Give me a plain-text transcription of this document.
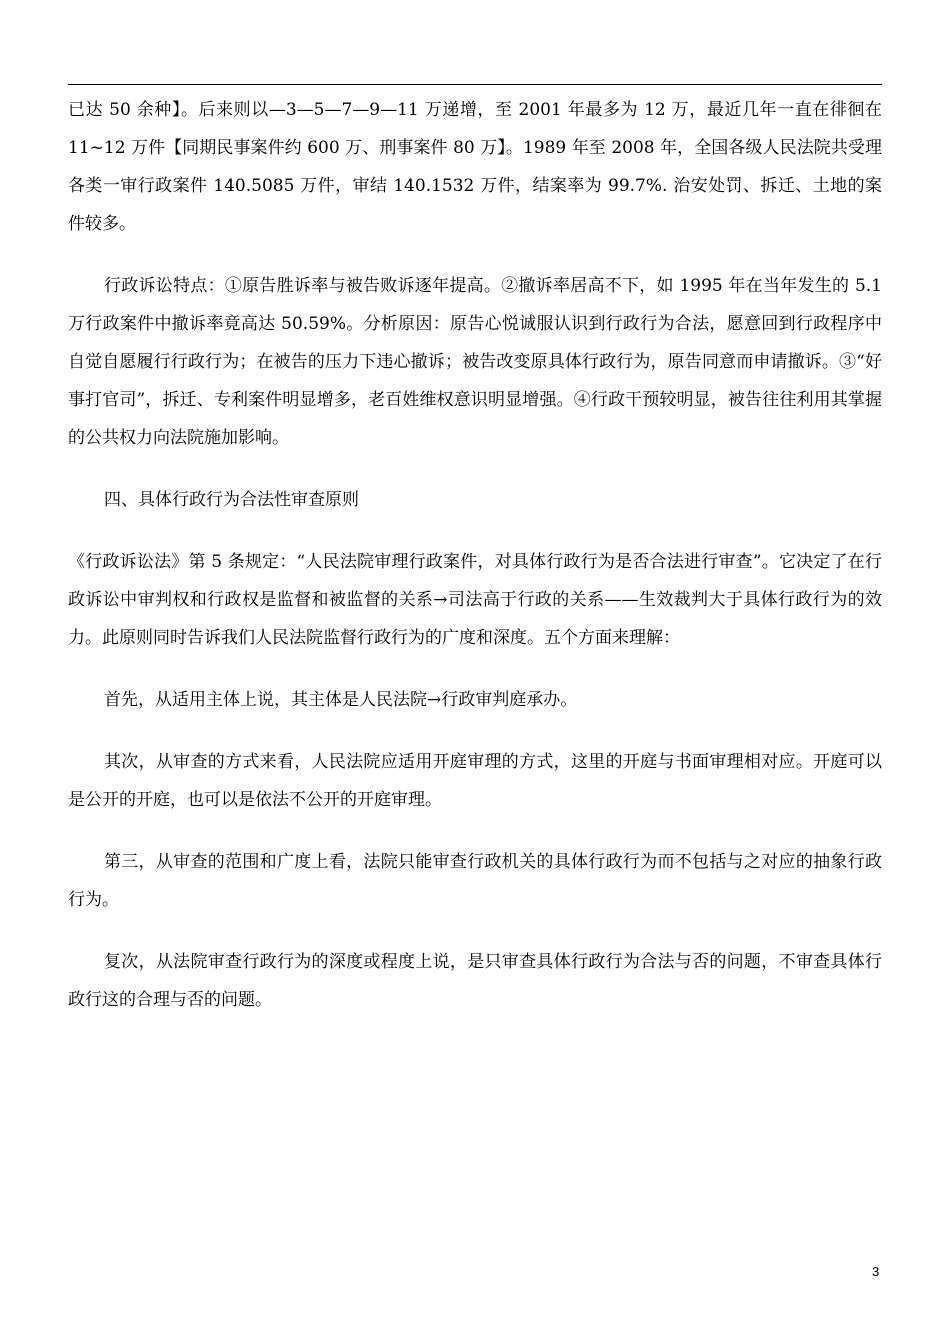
已达 50 余种】。后来则以—3—5—7—9—11 万递增，至 2001 年最多为 12 万，最近几年一直在徘徊在 11~12 万件【同期民事案件约 600 万、刑事案件 80 万】。1989 年至 2008 年，全国各级人民法院共受理各类一审行政案件 140.5085 万件，审结 140.1532 万件，结案率为 99.7%. 治安处罚、拆迁、土地的案件较多。

行政诉讼特点：①原告胜诉率与被告败诉逐年提高。②撤诉率居高不下，如 1995 年在当年发生的 5.1 万行政案件中撤诉率竟高达 50.59%。分析原因：原告心悦诚服认识到行政行为合法，愿意回到行政程序中自觉自愿履行行政行为；在被告的压力下违心撤诉；被告改变原具体行政行为，原告同意而申请撤诉。③“好事打官司”，拆迁、专利案件明显增多，老百姓维权意识明显增强。④行政干预较明显，被告往往利用其掌握的公共权力向法院施加影响。

四、具体行政行为合法性审查原则

《行政诉讼法》第 5 条规定：“人民法院审理行政案件，对具体行政行为是否合法进行审查”。它决定了在行政诉讼中审判权和行政权是监督和被监督的关系→司法高于行政的关系——生效裁判大于具体行政行为的效力。此原则同时告诉我们人民法院监督行政行为的广度和深度。五个方面来理解：

首先，从适用主体上说，其主体是人民法院→行政审判庭承办。

其次，从审查的方式来看，人民法院应适用开庭审理的方式，这里的开庭与书面审理相对应。开庭可以是公开的开庭，也可以是依法不公开的开庭审理。

第三，从审查的范围和广度上看，法院只能审查行政机关的具体行政行为而不包括与之对应的抽象行政行为。

复次，从法院审查行政行为的深度或程度上说，是只审查具体行政行为合法与否的问题，不审查具体行政行这的合理与否的问题。

3
